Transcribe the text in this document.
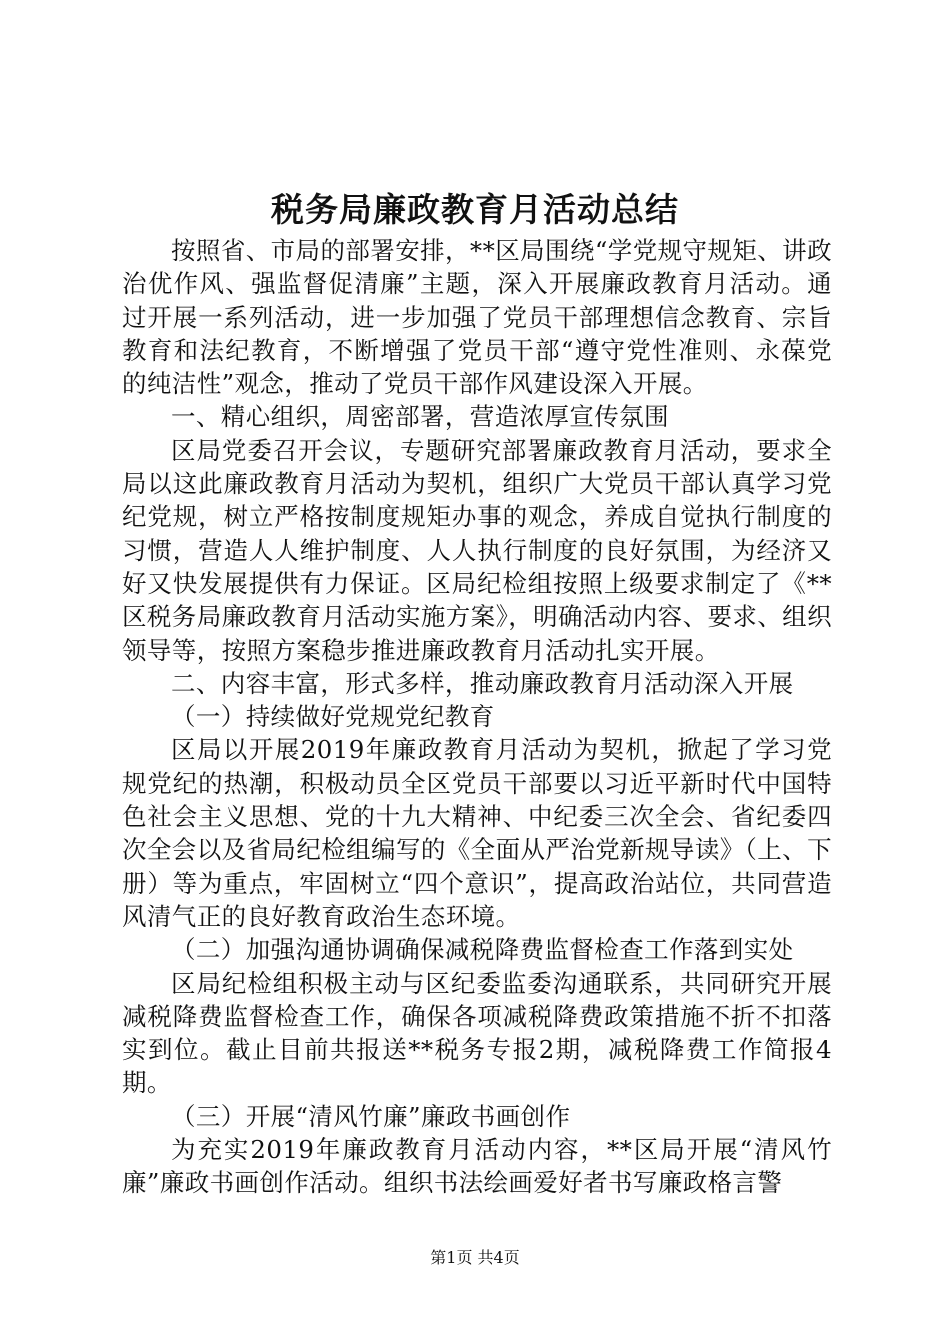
税务局廉政教育月活动总结

按照省、市局的部署安排，**区局围绕“学党规守规矩、讲政治优作风、强监督促清廉”主题，深入开展廉政教育月活动。通过开展一系列活动，进一步加强了党员干部理想信念教育、宗旨教育和法纪教育，不断增强了党员干部“遵守党性准则、永葆党的纯洁性”观念，推动了党员干部作风建设深入开展。

一、精心组织，周密部署，营造浓厚宣传氛围

区局党委召开会议，专题研究部署廉政教育月活动，要求全局以这此廉政教育月活动为契机，组织广大党员干部认真学习党纪党规，树立严格按制度规矩办事的观念，养成自觉执行制度的习惯，营造人人维护制度、人人执行制度的良好氛围，为经济又好又快发展提供有力保证。区局纪检组按照上级要求制定了《**区税务局廉政教育月活动实施方案》，明确活动内容、要求、组织领导等，按照方案稳步推进廉政教育月活动扎实开展。

二、内容丰富，形式多样，推动廉政教育月活动深入开展

（一）持续做好党规党纪教育

区局以开展2019年廉政教育月活动为契机，掀起了学习党规党纪的热潮，积极动员全区党员干部要以习近平新时代中国特色社会主义思想、党的十九大精神、中纪委三次全会、省纪委四次全会以及省局纪检组编写的《全面从严治党新规导读》（上、下册）等为重点，牢固树立“四个意识”，提高政治站位，共同营造风清气正的良好教育政治生态环境。

（二）加强沟通协调确保减税降费监督检查工作落到实处

区局纪检组积极主动与区纪委监委沟通联系，共同研究开展减税降费监督检查工作，确保各项减税降费政策措施不折不扣落实到位。截止目前共报送**税务专报2期，减税降费工作简报4期。

（三）开展“清风竹廉”廉政书画创作

为充实2019年廉政教育月活动内容，**区局开展“清风竹廉”廉政书画创作活动。组织书法绘画爱好者书写廉政格言警

第1页 共4页
